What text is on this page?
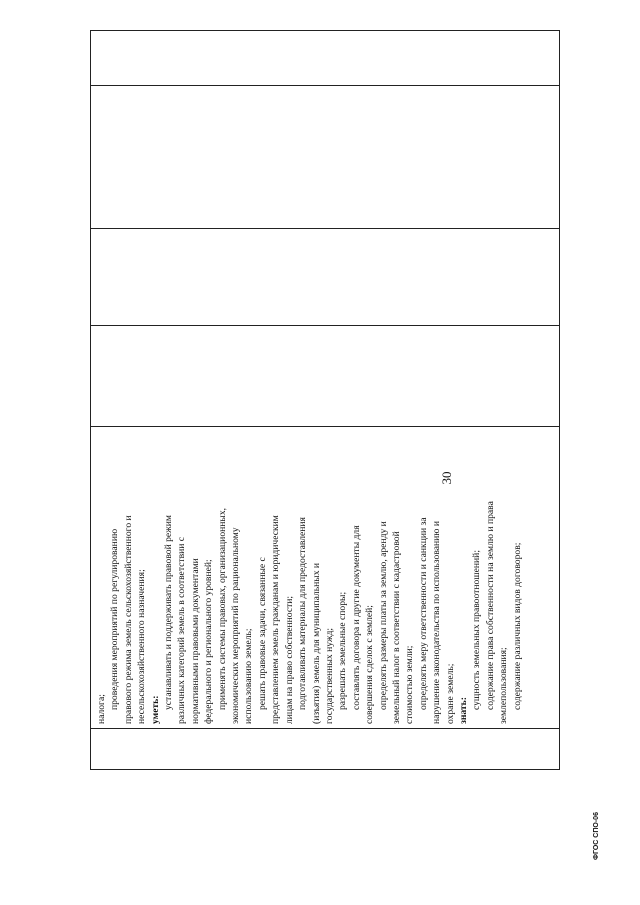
30
налога; проведения мероприятий по регулированию правового режима земель сельскохозяйственного и несельскохозяйственного назначения; уметь: устанавливать и поддерживать правовой режим различных категорий земель в соответствии с нормативными правовыми документами федерального и регионального уровней; применять системы правовых, организационных, экономических мероприятий по рациональному использованию земель; решать правовые задачи, связанные с представлением земель гражданам и юридическим лицам на право собственности; подготавливать материалы для предоставления (изъятия) земель для муниципальных и государственных нужд; разрешать земельные споры; составлять договора и другие документы для совершения сделок с землей; определять размеры платы за землю, аренду и земельный налог в соответствии с кадастровой стоимостью земли; определять меру ответственности и санкции за нарушение законодательства по использованию и охране земель; знать:
сущность земельных правоотношений; содержание права собственности на землю и права землепользования; содержание различных видов договоров;
ФГОС СПО-06
